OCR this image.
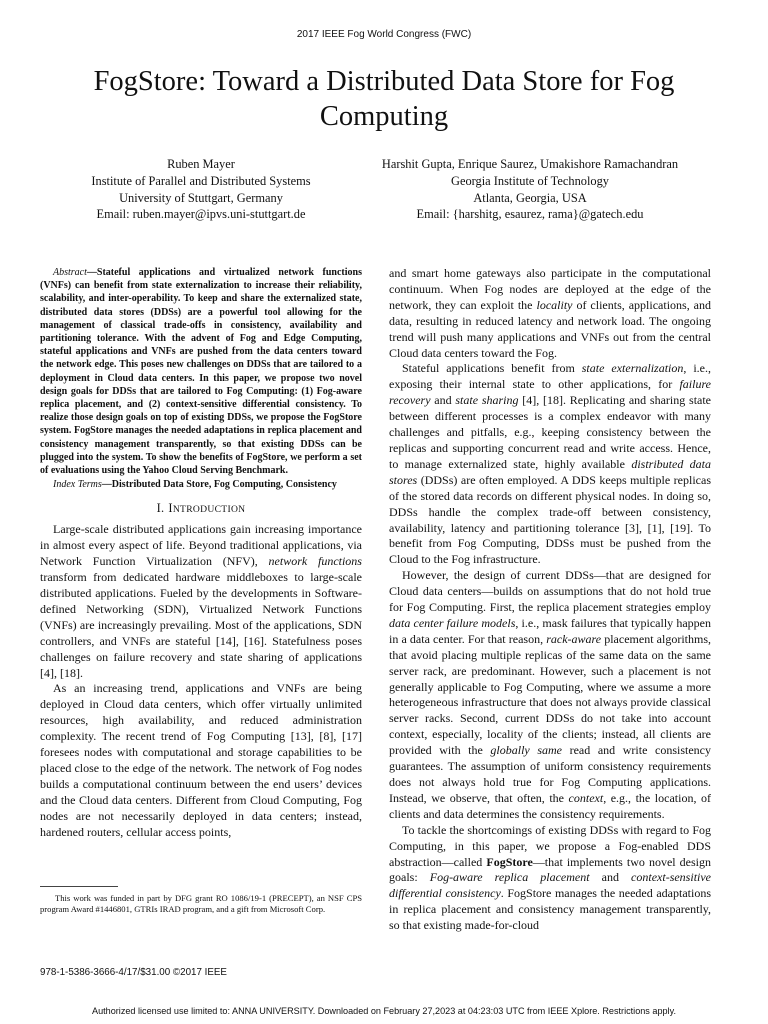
2017 IEEE Fog World Congress (FWC)
FogStore: Toward a Distributed Data Store for Fog Computing
Ruben Mayer
Institute of Parallel and Distributed Systems
University of Stuttgart, Germany
Email: ruben.mayer@ipvs.uni-stuttgart.de
Harshit Gupta, Enrique Saurez, Umakishore Ramachandran
Georgia Institute of Technology
Atlanta, Georgia, USA
Email: {harshitg, esaurez, rama}@gatech.edu

Abstract—Stateful applications and virtualized network functions (VNFs) can benefit from state externalization to increase their reliability, scalability, and inter-operability. To keep and share the externalized state, distributed data stores (DDSs) are a powerful tool allowing for the management of classical trade-offs in consistency, availability and partitioning tolerance. With the advent of Fog and Edge Computing, stateful applications and VNFs are pushed from the data centers toward the network edge. This poses new challenges on DDSs that are tailored to a deployment in Cloud data centers. In this paper, we propose two novel design goals for DDSs that are tailored to Fog Computing: (1) Fog-aware replica placement, and (2) context-sensitive differential consistency. To realize those design goals on top of existing DDSs, we propose the FogStore system. FogStore manages the needed adaptations in replica placement and consistency management transparently, so that existing DDSs can be plugged into the system. To show the benefits of FogStore, we perform a set of evaluations using the Yahoo Cloud Serving Benchmark.

Index Terms—Distributed Data Store, Fog Computing, Consistency

I. INTRODUCTION

Large-scale distributed applications gain increasing importance in almost every aspect of life. Beyond traditional applications, via Network Function Virtualization (NFV), network functions transform from dedicated hardware middleboxes to large-scale distributed applications. Fueled by the developments in Software-defined Networking (SDN), Virtualized Network Functions (VNFs) are increasingly prevailing. Most of the applications, SDN controllers, and VNFs are stateful [14], [16]. Statefulness poses challenges on failure recovery and state sharing of applications [4], [18].

As an increasing trend, applications and VNFs are being deployed in Cloud data centers, which offer virtually unlimited resources, high availability, and reduced administration complexity. The recent trend of Fog Computing [13], [8], [17] foresees nodes with computational and storage capabilities to be placed close to the edge of the network. The network of Fog nodes builds a computational continuum between the end users’ devices and the Cloud data centers. Different from Cloud Computing, Fog nodes are not necessarily deployed in data centers; instead, hardened routers, cellular access points,

and smart home gateways also participate in the computational continuum. When Fog nodes are deployed at the edge of the network, they can exploit the locality of clients, applications, and data, resulting in reduced latency and network load. The ongoing trend will push many applications and VNFs out from the central Cloud data centers toward the Fog.

Stateful applications benefit from state externalization, i.e., exposing their internal state to other applications, for failure recovery and state sharing [4], [18]. Replicating and sharing state between different processes is a complex endeavor with many challenges and pitfalls, e.g., keeping consistency between the replicas and supporting concurrent read and write access. Hence, to manage externalized state, highly available distributed data stores (DDSs) are often employed. A DDS keeps multiple replicas of the stored data records on different physical nodes. In doing so, DDSs handle the complex trade-off between consistency, availability, latency and partitioning tolerance [3], [1], [19]. To benefit from Fog Computing, DDSs must be pushed from the Cloud to the Fog infrastructure.

However, the design of current DDSs—that are designed for Cloud data centers—builds on assumptions that do not hold true for Fog Computing. First, the replica placement strategies employ data center failure models, i.e., mask failures that typically happen in a data center. For that reason, rack-aware placement algorithms, that avoid placing multiple replicas of the same data on the same server rack, are predominant. However, such a placement is not generally applicable to Fog Computing, where we assume a more heterogeneous infrastructure that does not always provide classical server racks. Second, current DDSs do not take into account context, especially, locality of the clients; instead, all clients are provided with the globally same read and write consistency guarantees. The assumption of uniform consistency requirements does not always hold true for Fog Computing applications. Instead, we observe, that often, the context, e.g., the location, of clients and data determines the consistency requirements.

To tackle the shortcomings of existing DDSs with regard to Fog Computing, in this paper, we propose a Fog-enabled DDS abstraction—called FogStore—that implements two novel design goals: Fog-aware replica placement and context-sensitive differential consistency. FogStore manages the needed adaptations in replica placement and consistency management transparently, so that existing made-for-cloud

This work was funded in part by DFG grant RO 1086/19-1 (PRECEPT), an NSF CPS program Award #1446801, GTRIs IRAD program, and a gift from Microsoft Corp.
978-1-5386-3666-4/17/$31.00 ©2017 IEEE
Authorized licensed use limited to: ANNA UNIVERSITY. Downloaded on February 27,2023 at 04:23:03 UTC from IEEE Xplore. Restrictions apply.
